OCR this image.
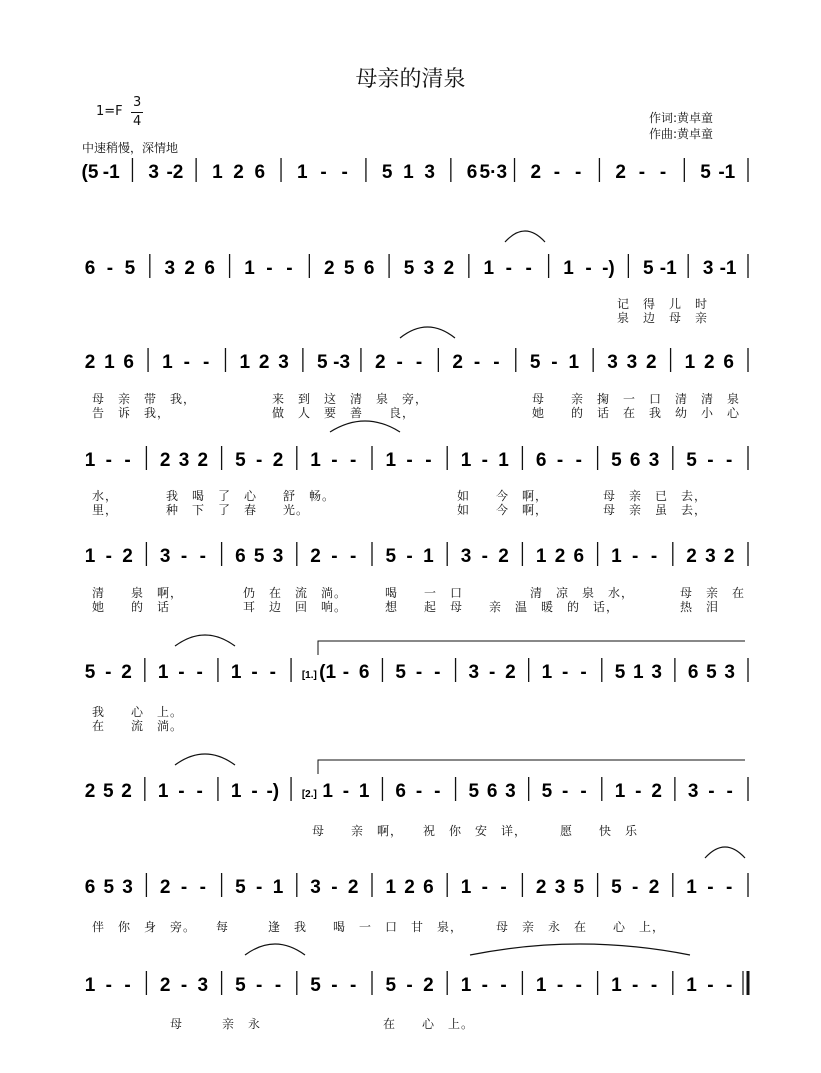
母亲的清泉
1=F
3
4	作词:黄卓童
作曲:黄卓童
中速稍慢，深情地
(5 -1 3 -2 1 2 6 1 - - 5 1 3 6 5·3 2 - - 2 - - 5 -1
6 - 5 3 2 6 1 - - 2 5 6 5 3 2 1 - - 1 - -) 5 -1 3 -1
2 1 6 1 - - 1 2 3 5 -3 2 - - 2 - - 5 - 1 3 3 2 1 2 6
1 - - 2 3 2 5 - 2 1 - - 1 - - 1 - 1 6 - - 5 6 3 5 - -
1 - 2 3 - - 6 5 3 2 - - 5 - 1 3 - 2 1 2 6 1 - - 2 3 2
5 - 2 1 - - 1 - -	[1.] (1 - 6 5 - - 3 - 2 1 - - 5 1 3 6 5 3
2 5 2 1 - - 1 - -) [2.] 1 - 1 6 - - 5 6 3 5 - - 1 - 2 3 - -
6 5 3 2 - - 5 - 1 3 - 2 1 2 6 1 - - 2 3 5 5 - 2 1 - -
1 - - 2 - 3 5 - - 5 - - 5 - 2 1 - - 1 - - 1 - - 1 - -
记　得　儿　时
泉　边　母　亲
母　亲　带　我，	来　到　这　清　泉　旁，	母　　亲　掬　一　口　清　清　泉
告　诉　我，	做　人　要　善　　良，	她　　的　话　在　我　幼　小　心
水，	我　喝　了　心　　舒　畅。	如　　今　啊，	母　亲　已　去，
里，	种　下　了　春　　光。	如　　今　啊，	母　亲　虽　去，
清　　泉　啊，	仍　在　流　淌。	喝　　一　口	清　凉　泉　水，	母　亲　在
她　　的　话	耳　边　回　响。	想　　起　母　　亲　温　暖　的　话，	热　泪
我　　心　上。
在　　流　淌。
母　　亲　啊，　　祝　你　安　详，　　　愿　　快　乐
伴　你　身　旁。　　每　　　逢　我　　喝　一　口　甘　泉，　　　母　亲　永　在　　心　上，
母　　　亲　永	在　　心　上。
